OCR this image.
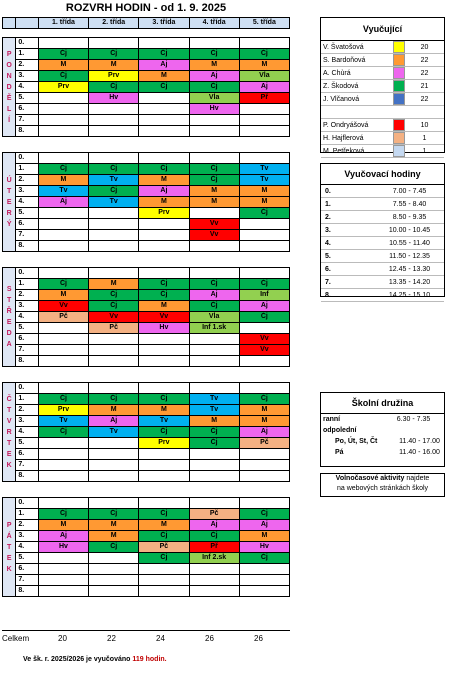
ROZVRH HODIN - od 1. 9. 2025
		1. třída	2. třída	3. třída	4. třída	5. třída

PONDĚLÍ	0.					
	1.	Čj	Čj	Čj	Čj	Čj
	2.	M	M	Aj	M	M
	3.	Čj	Prv	M	Aj	Vla
	4.	Prv	Čj	Čj	Čj	Aj
	5.		Hv		Vla	Př
	6.				Hv	
	7.					
	8.					

ÚTERÝ	0.					
	1.	Čj	Čj	Čj	Čj	Tv
	2.	M	Tv	M	Čj	Tv
	3.	Tv	Čj	Aj	M	M
	4.	Aj	Tv	M	M	M
	5.			Prv		Čj
	6.				Vv	
	7.				Vv	
	8.					

STŘEDA	0.					
	1.	Čj	M	Čj	Čj	Čj
	2.	M	Čj	Čj	Aj	Inf
	3.	Vv	Čj	M	Čj	Aj
	4.	Pč	Vv	Vv	Vla	Čj
	5.		Pč	Hv	Inf 1.sk	
	6.					Vv
	7.					Vv
	8.					

ČTVRTEK	0.					
	1.	Čj	Čj	Čj	Tv	Čj
	2.	Prv	M	M	Tv	M
	3.	Tv	Aj	Tv	M	M
	4.	Čj	Tv	Čj	Čj	Aj
	5.			Prv	Čj	Pč
	6.					
	7.					
	8.					

PÁTEK	0.					
	1.	Čj	Čj	Čj	Pč	Čj
	2.	M	M	M	Aj	Aj
	3.	Aj	M	Čj	Čj	M
	4.	Hv	Čj	Pč	Př	Hv
	5.			Čj	Inf 2.sk	Čj
	6.					
	7.					
	8.					
Celkem	20	22	24	26	26
Ve šk. r. 2025/2026 je vyučováno 119 hodin.
Vyučující
V. Švatošová	20
S. Bardoňová	22
A. Chùrá	22
Z. Škodová	21
J. Vlčanová	22
P. Ondryášová	10
H. Hajflerová	1
M. Petřeková	1
Vyučovací hodiny
0.	7.00 - 7.45
1.	7.55 - 8.40
2.	8.50 - 9.35
3.	10.00 - 10.45
4.	10.55 - 11.40
5.	11.50 - 12.35
6.	12.45 - 13.30
7.	13.35 - 14.20
8.	14.25 - 15.10
Školní družina
ranní	6.30 - 7.35
odpolední
Po, Út, St, Čt	11.40 - 17.00
Pá	11.40 - 16.00
Volnočasové aktivity najdete
na webových stránkách školy
